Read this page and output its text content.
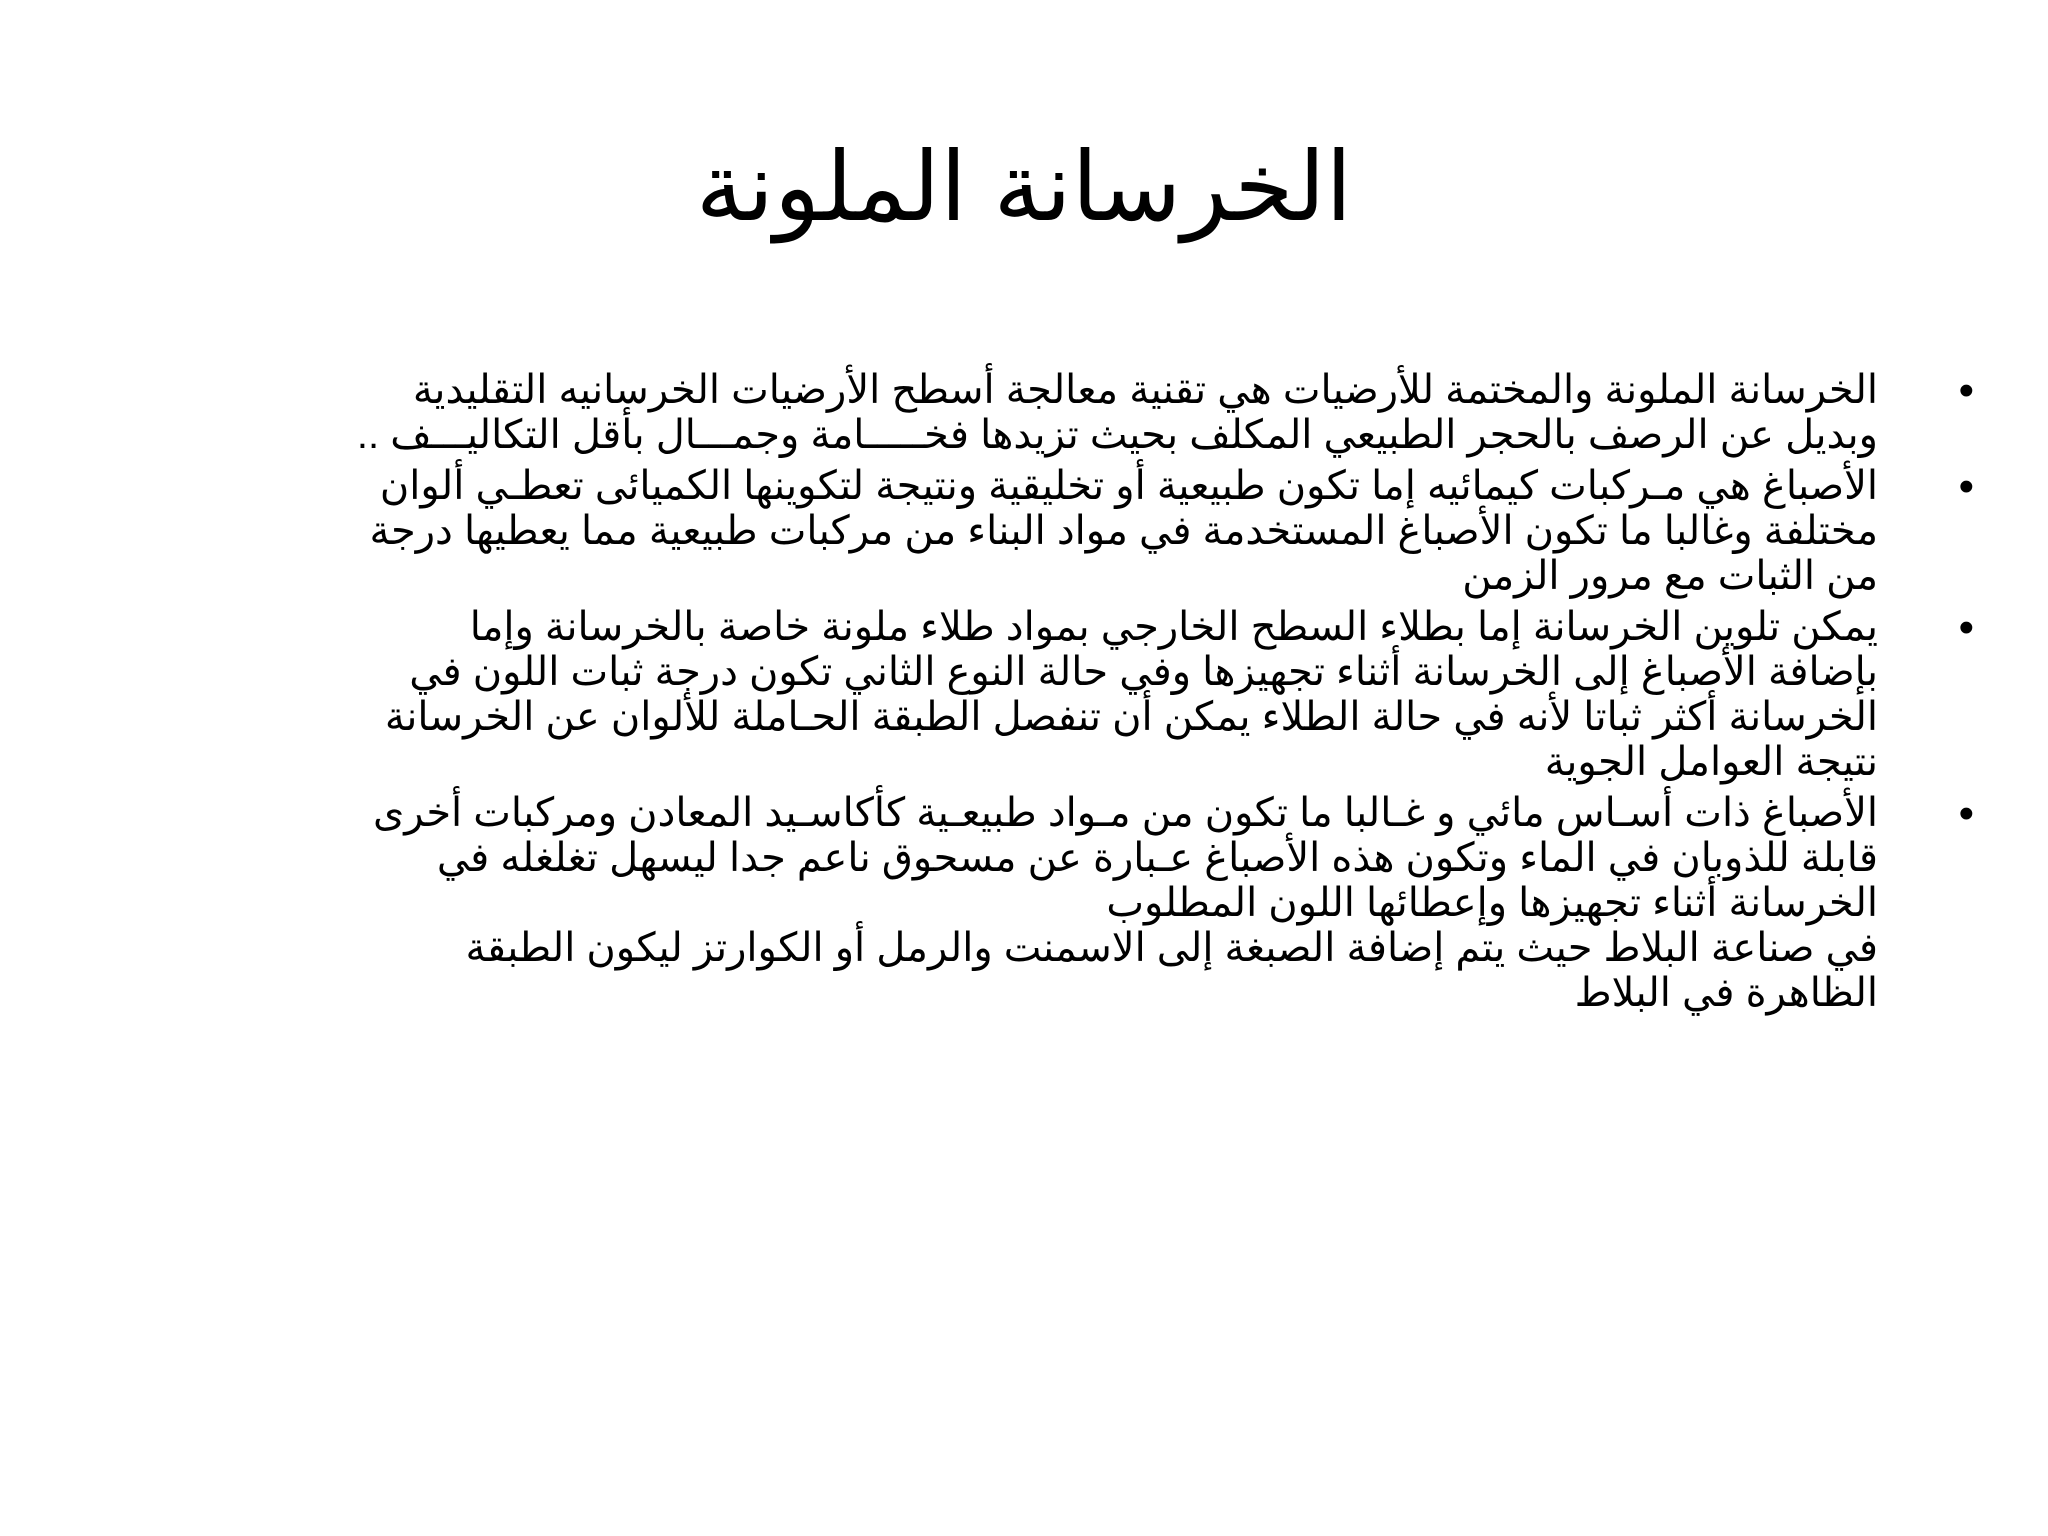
الخرسانة الملونة
•
الخرسانة الملونة والمختمة للأرضيات هي تقنية معالجة أسطح الأرضيات الخرسانيه التقليدية
وبديل عن الرصف بالحجر الطبيعي المكلف بحيث تزيدها فخـــــامة وجمـــال بأقل التكاليـــف ..
•
الأصباغ هي مـركبات كيمائيه إما تكون طبيعية أو تخليقية ونتيجة لتكوينها الكميائى تعطـي ألوان
مختلفة وغالبا ما تكون الأصباغ المستخدمة في مواد البناء من مركبات طبيعية مما يعطيها درجة
من الثبات مع مرور الزمن
•
يمكن تلوين الخرسانة إما بطلاء السطح الخارجي بمواد طلاء ملونة خاصة بالخرسانة وإما
بإضافة الأصباغ إلى الخرسانة أثناء تجهيزها وفي حالة النوع الثاني تكون درجة ثبات اللون في
الخرسانة أكثر ثباتا لأنه في حالة الطلاء يمكن أن تنفصل الطبقة الحـاملة للألوان عن الخرسانة
نتيجة العوامل الجوية
•
الأصباغ ذات أسـاس مائي و غـالبا ما تكون من مـواد طبيعـية كأكاسـيد المعادن ومركبات أخرى
قابلة للذوبان في الماء وتكون هذه الأصباغ عـبارة عن مسحوق ناعم جدا ليسهل تغلغله في
الخرسانة أثناء تجهيزها وإعطائها اللون المطلوب
في صناعة البلاط حيث يتم إضافة الصبغة إلى الاسمنت والرمل أو الكوارتز ليكون الطبقة
الظاهرة في البلاط
